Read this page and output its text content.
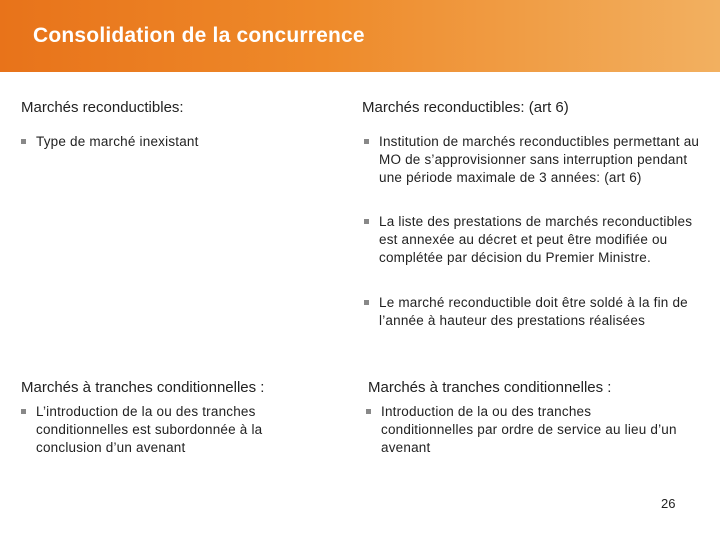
Consolidation de la concurrence

Marchés reconductibles:	Marchés reconductibles: (art 6)

Type de marché inexistant	Institution de marchés reconductibles permettant au MO de s’approvisionner sans interruption pendant une période maximale de 3 années: (art 6)
La liste des prestations de marchés reconductibles est annexée au décret et peut être modifiée ou complétée par décision du Premier Ministre.
Le marché reconductible doit être soldé à la fin de l’année à hauteur des prestations réalisées

Marchés à tranches conditionnelles :	Marchés à tranches conditionnelles :

L’introduction de la ou des tranches conditionnelles est subordonnée à la conclusion d’un avenant
Introduction de la ou des tranches conditionnelles par ordre de service au lieu d’un avenant
26
